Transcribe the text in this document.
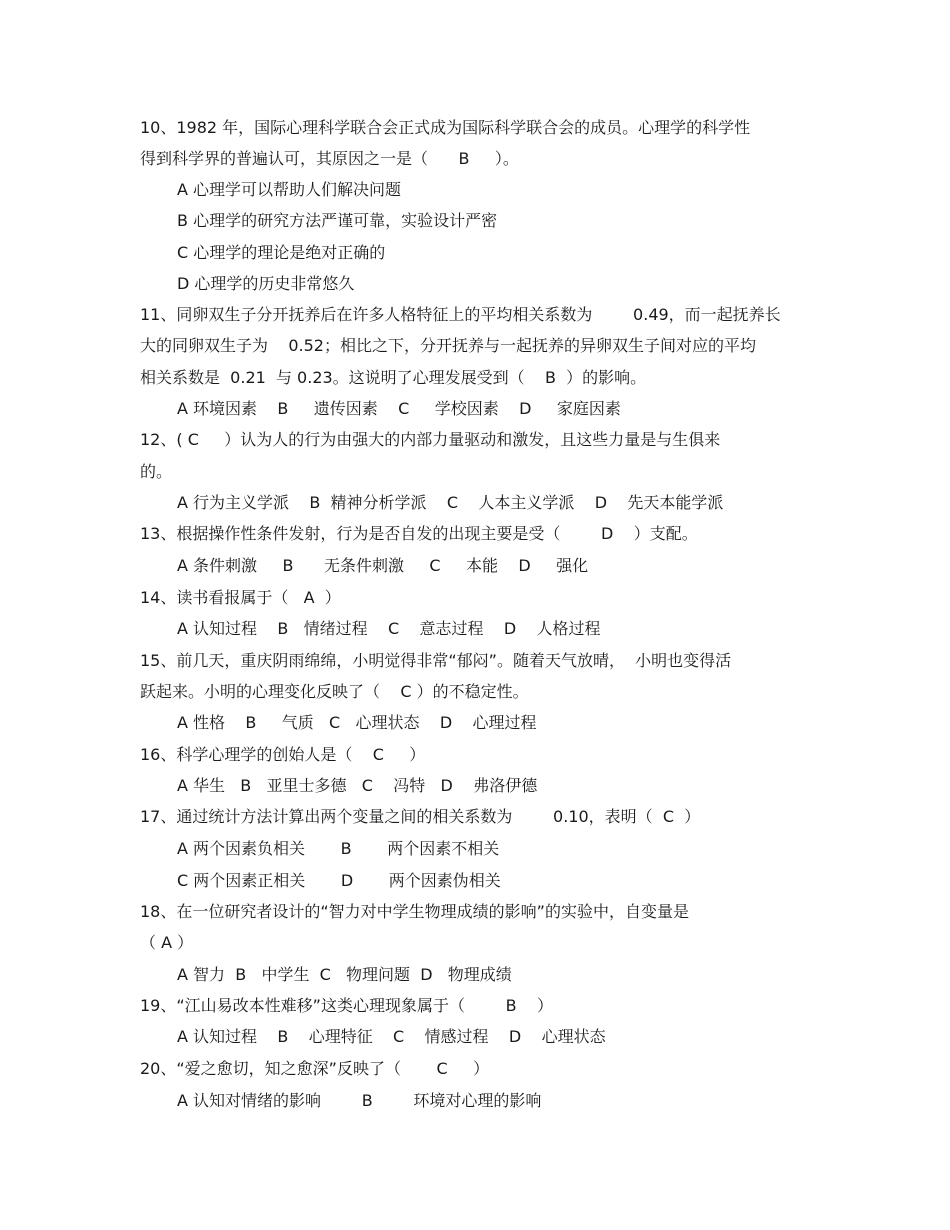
10、1982 年，国际心理科学联合会正式成为国际科学联合会的成员。心理学的科学性
得到科学界的普遍认可，其原因之一是（      B     ）。
A 心理学可以帮助人们解决问题
B 心理学的研究方法严谨可靠，实验设计严密
C 心理学的理论是绝对正确的
D 心理学的历史非常悠久
11、同卵双生子分开抚养后在许多人格特征上的平均相关系数为        0.49，而一起抚养长
大的同卵双生子为    0.52；相比之下，分开抚养与一起抚养的异卵双生子间对应的平均
相关系数是  0.21  与 0.23。这说明了心理发展受到（    B  ）的影响。
A 环境因素    B     遗传因素    C     学校因素    D     家庭因素
12、( C     ）认为人的行为由强大的内部力量驱动和激发，且这些力量是与生俱来
的。
A 行为主义学派    B  精神分析学派    C    人本主义学派    D    先天本能学派
13、根据操作性条件发射，行为是否自发的出现主要是受（        D    ）支配。
A 条件刺激     B      无条件刺激     C     本能    D     强化
14、读书看报属于（   A  ）
A 认知过程    B   情绪过程    C    意志过程    D    人格过程
15、前几天，重庆阴雨绵绵，小明觉得非常“郁闷”。随着天气放晴，  小明也变得活
跃起来。小明的心理变化反映了（    C ）的不稳定性。
A 性格    B     气质   C   心理状态    D    心理过程
16、科学心理学的创始人是（    C     ）
A 华生   B   亚里士多德   C    冯特   D    弗洛伊德
17、通过统计方法计算出两个变量之间的相关系数为        0.10，表明（  C  ）
A 两个因素负相关       B       两个因素不相关
C 两个因素正相关       D       两个因素伪相关
18、在一位研究者设计的“智力对中学生物理成绩的影响”的实验中，自变量是
（ A ）
A 智力  B   中学生  C   物理问题  D   物理成绩
19、“江山易改本性难移”这类心理现象属于（        B    ）
A 认知过程    B    心理特征    C    情感过程    D    心理状态
20、“爱之愈切，知之愈深”反映了（       C     ）
A 认知对情绪的影响        B        环境对心理的影响
